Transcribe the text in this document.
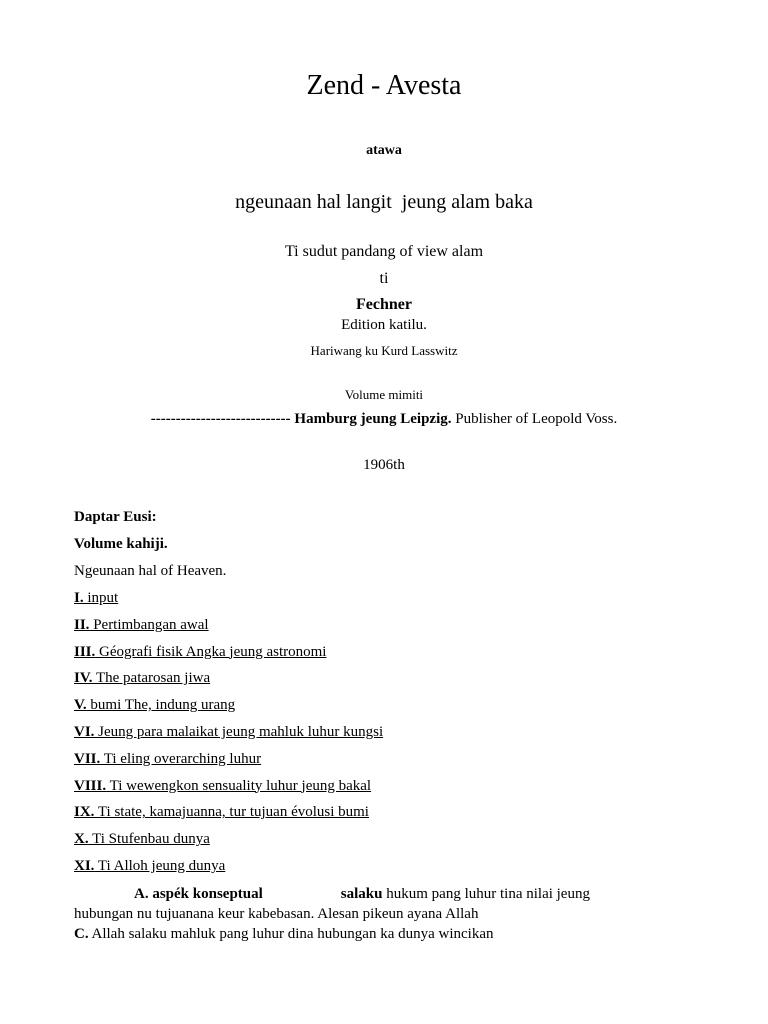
Zend - Avesta
atawa
ngeunaan hal langit  jeung alam baka
Ti sudut pandang of view alam
ti
Fechner
Edition katilu.
Hariwang ku Kurd Lasswitz
Volume mimiti
---------------------------- Hamburg jeung Leipzig. Publisher of Leopold Voss.
1906th
Daptar Eusi:
Volume kahiji.
Ngeunaan hal of Heaven.
I. input
II. Pertimbangan awal
III. Géografi fisik Angka jeung astronomi
IV. The patarosan jiwa
V. bumi The, indung urang
VI. Jeung para malaikat jeung mahluk luhur kungsi
VII. Ti eling overarching luhur
VIII. Ti wewengkon sensuality luhur jeung bakal
IX. Ti state, kamajuanna, tur tujuan évolusi bumi
X. Ti Stufenbau dunya
XI. Ti Alloh jeung dunya
A. aspék konseptual	salaku hukum pang luhur tina nilai jeung
hubungan nu tujuanana keur kabebasan. Alesan pikeun ayana Allah
C. Allah salaku mahluk pang luhur dina hubungan ka dunya wincikan
